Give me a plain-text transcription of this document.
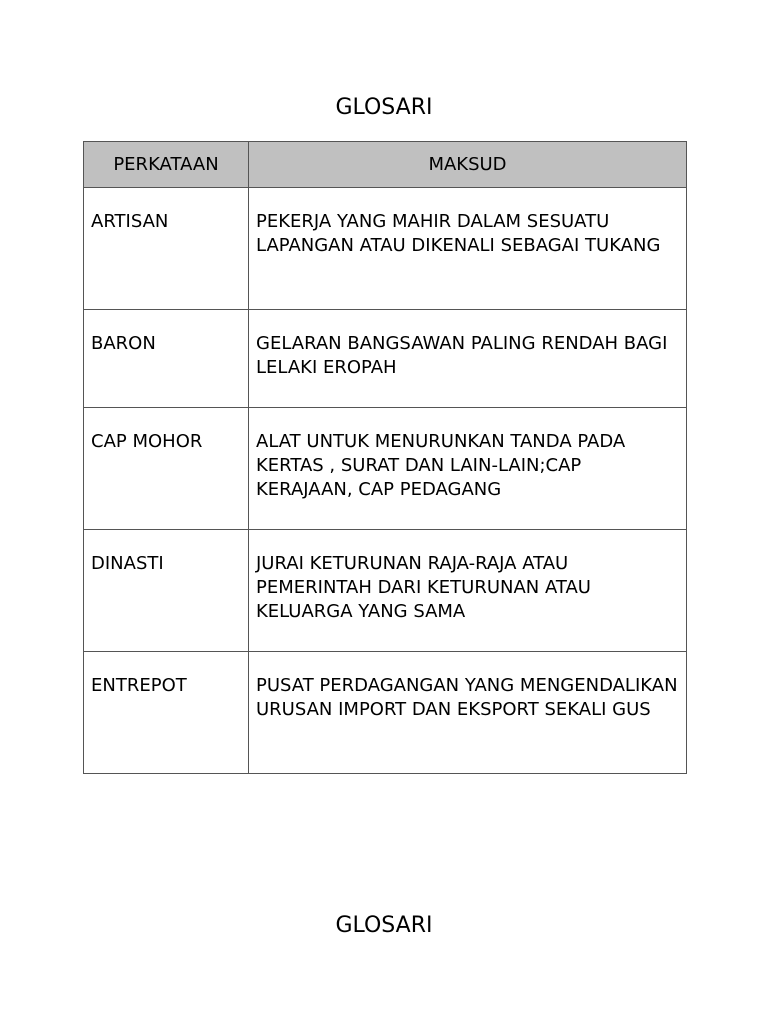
GLOSARI
PERKATAAN	MAKSUD
ARTISAN	PEKERJA YANG MAHIR DALAM SESUATU LAPANGAN ATAU DIKENALI SEBAGAI TUKANG
BARON	GELARAN BANGSAWAN PALING RENDAH BAGI LELAKI EROPAH
CAP MOHOR	ALAT UNTUK MENURUNKAN TANDA PADA KERTAS , SURAT DAN LAIN-LAIN;CAP KERAJAAN, CAP PEDAGANG
DINASTI	JURAI KETURUNAN RAJA-RAJA ATAU PEMERINTAH DARI KETURUNAN ATAU KELUARGA YANG SAMA
ENTREPOT	PUSAT PERDAGANGAN YANG MENGENDALIKAN URUSAN IMPORT DAN EKSPORT SEKALI GUS
GLOSARI
